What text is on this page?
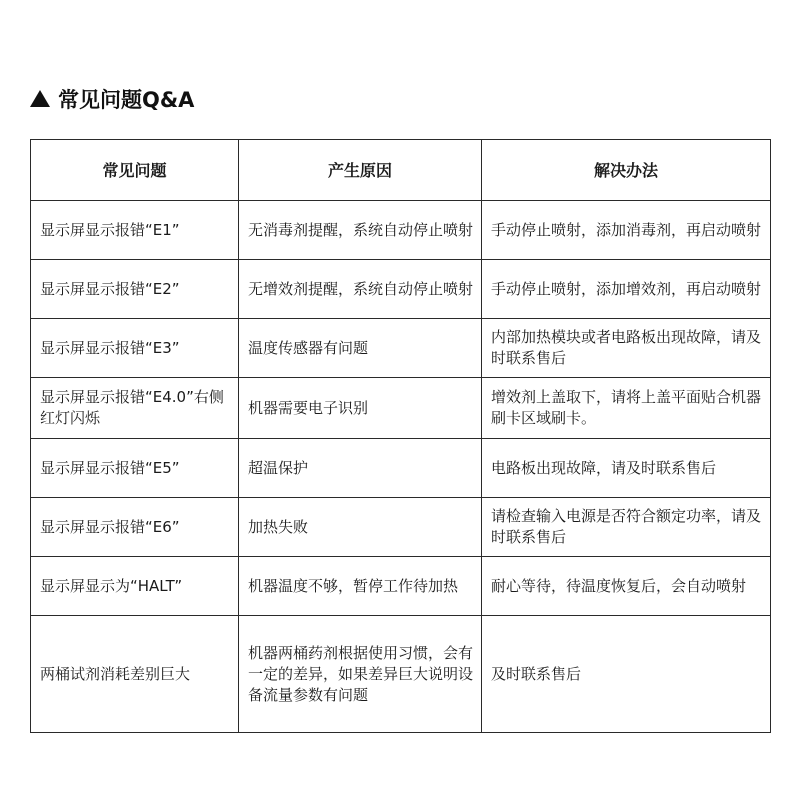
常见问题Q&A
常见问题	产生原因	解决办法
显示屏显示报错“E1”	无消毒剂提醒，系统自动停止喷射	手动停止喷射，添加消毒剂，再启动喷射
显示屏显示报错“E2”	无增效剂提醒，系统自动停止喷射	手动停止喷射，添加增效剂，再启动喷射
显示屏显示报错“E3”	温度传感器有问题	内部加热模块或者电路板出现故障，请及时联系售后
显示屏显示报错“E4.0”右侧红灯闪烁	机器需要电子识别	增效剂上盖取下，请将上盖平面贴合机器刷卡区域刷卡。
显示屏显示报错“E5”	超温保护	电路板出现故障，请及时联系售后
显示屏显示报错“E6”	加热失败	请检查输入电源是否符合额定功率，请及时联系售后
显示屏显示为“HALT”	机器温度不够，暂停工作待加热	耐心等待，待温度恢复后，会自动喷射
两桶试剂消耗差别巨大	机器两桶药剂根据使用习惯，会有一定的差异，如果差异巨大说明设备流量参数有问题	及时联系售后
